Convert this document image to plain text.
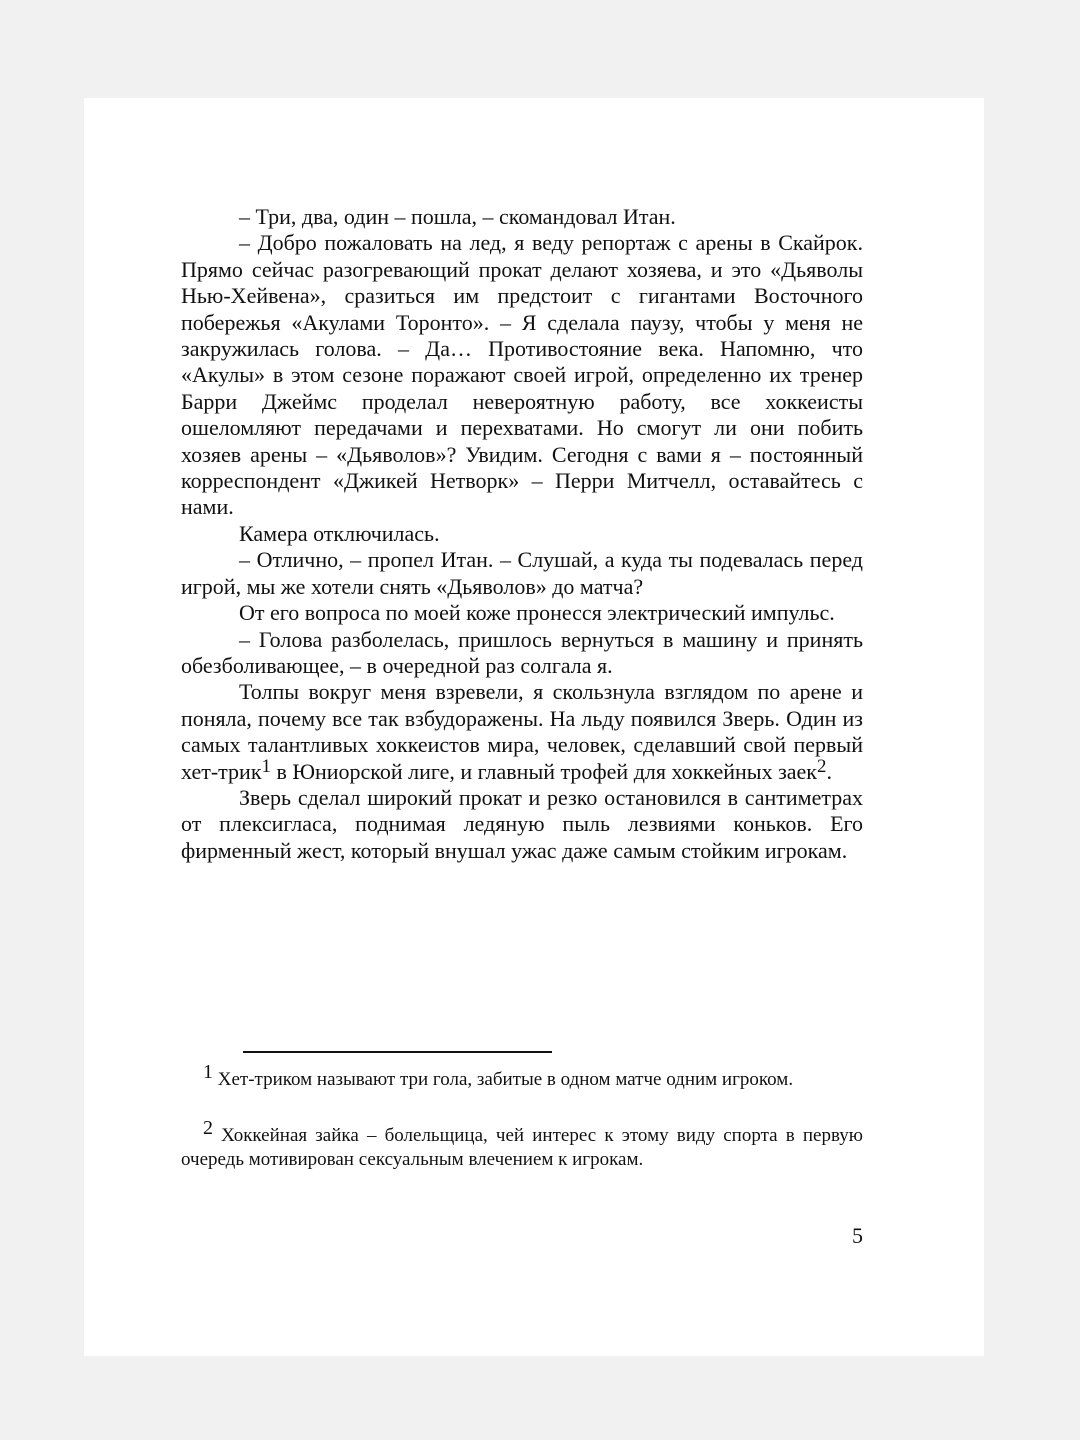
– Три, два, один – пошла, – скомандовал Итан.

– Добро пожаловать на лед, я веду репортаж с арены в Скайрок. Прямо сейчас разогревающий прокат делают хозяева, и это «Дьяволы Нью-Хейвена», сразиться им предстоит с гигантами Восточного побережья «Акулами Торонто». – Я сделала паузу, чтобы у меня не закружилась голова. – Да… Противостояние века. Напомню, что «Акулы» в этом сезоне поражают своей игрой, определенно их тренер Барри Джеймс проделал невероятную работу, все хоккеисты ошеломляют передачами и перехватами. Но смогут ли они побить хозяев арены – «Дьяволов»? Увидим. Сегодня с вами я – постоянный корреспондент «Джикей Нетворк» – Перри Митчелл, оставайтесь с нами.

Камера отключилась.

– Отлично, – пропел Итан. – Слушай, а куда ты подевалась перед игрой, мы же хотели снять «Дьяволов» до матча?

От его вопроса по моей коже пронесся электрический импульс.

– Голова разболелась, пришлось вернуться в машину и принять обезболивающее, – в очередной раз солгала я.

Толпы вокруг меня взревели, я скользнула взглядом по арене и поняла, почему все так взбудоражены. На льду появился Зверь. Один из самых талантливых хоккеистов мира, человек, сделавший свой первый хет-трик$^1$ в Юниорской лиге, и главный трофей для хоккейных заек$^2$.

Зверь сделал широкий прокат и резко остановился в сантиметрах от плексигласа, поднимая ледяную пыль лезвиями коньков. Его фирменный жест, который внушал ужас даже самым стойким игрокам.

$^1$ Хет-триком называют три гола, забитые в одном матче одним игроком.

$^2$ Хоккейная зайка – болельщица, чей интерес к этому виду спорта в первую очередь мотивирован сексуальным влечением к игрокам.

5
